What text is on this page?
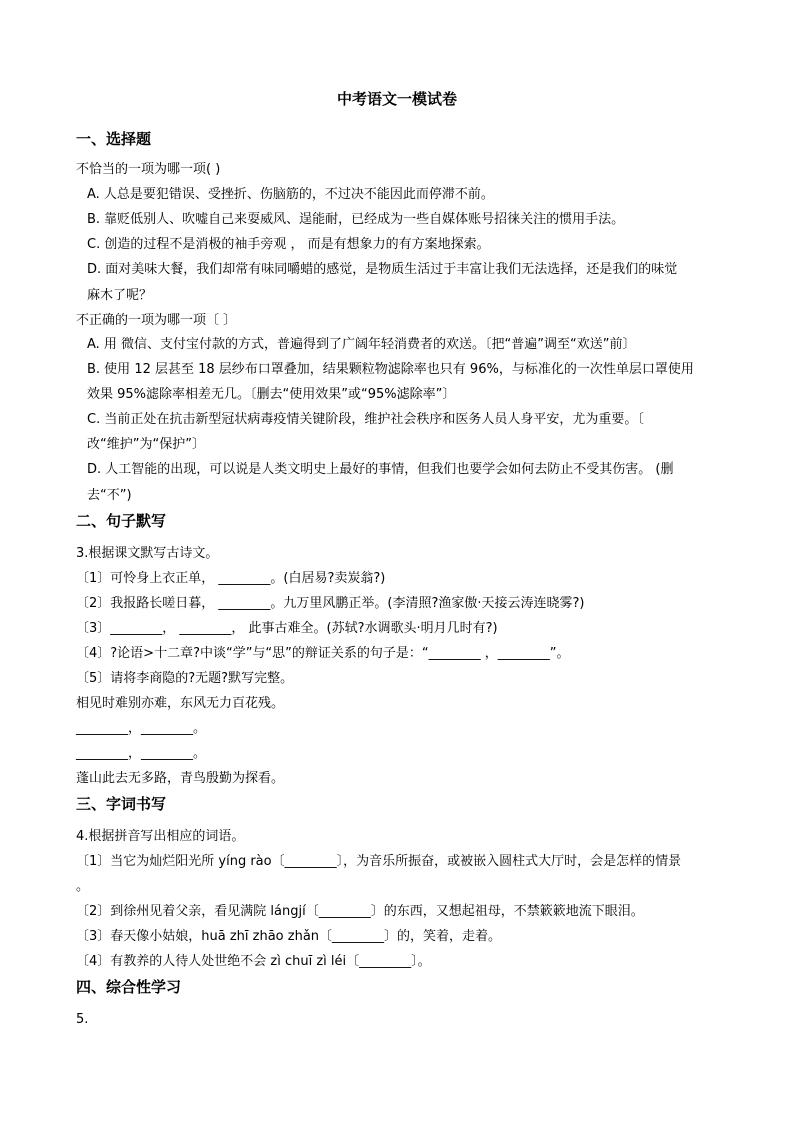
中考语文一模试卷
一、选择题
不恰当的一项为哪一项( )
A. 人总是要犯错误、受挫折、伤脑筋的，不过决不能因此而停滞不前。
B. 靠贬低别人、吹嘘自己来耍威风、逞能耐，已经成为一些自媒体账号招徕关注的惯用手法。
C. 创造的过程不是消极的袖手旁观 ， 而是有想象力的有方案地探索。
D. 面对美味大餐，我们却常有味同嚼蜡的感觉，是物质生活过于丰富让我们无法选择，还是我们的味觉
麻木了呢？
不正确的一项为哪一项〔 〕
A. 用 微信、支付宝付款的方式，普遍得到了广阔年轻消费者的欢送。〔把“普遍”调至“欢送”前〕
B. 使用 12 层甚至 18 层纱布口罩叠加，结果颗粒物滤除率也只有 96%，与标准化的一次性单层口罩使用
效果 95%滤除率相差无几。〔删去“使用效果”或“95%滤除率”〕
C. 当前正处在抗击新型冠状病毒疫情关键阶段，维护社会秩序和医务人员人身平安，尤为重要。〔
改“维护”为“保护”〕
D. 人工智能的出现，可以说是人类文明史上最好的事情，但我们也要学会如何去防止不受其伤害。 (删
去“不”)
二、句子默写
3.根据课文默写古诗文。
〔1〕可怜身上衣正单， ________。(白居易?卖炭翁?)
〔2〕我报路长嗟日暮， ________。九万里风鹏正举。(李清照?渔家傲·天接云涛连晓雾?)
〔3〕________， ________， 此事古难全。(苏轼?水调歌头·明月几时有?)
〔4〕?论语>十二章?中谈“学”与“思”的辩证关系的句子是：“________ ，________”。
〔5〕请将李商隐的?无题?默写完整。
相见时难别亦难，东风无力百花残。
________，________。
________，________。
蓬山此去无多路，青鸟殷勤为探看。
三、字词书写
4.根据拼音写出相应的词语。
〔1〕当它为灿烂阳光所 yíng rào〔________〕，为音乐所振奋，或被嵌入圆柱式大厅时，会是怎样的情景
。
〔2〕到徐州见着父亲，看见满院 lángjí〔________〕的东西，又想起祖母，不禁簌簌地流下眼泪。
〔3〕春天像小姑娘，huā zhī zhāo zhǎn〔________〕的，笑着，走着。
〔4〕有教养的人待人处世绝不会 zì chuī zì léi〔________〕。
四、综合性学习
5.
